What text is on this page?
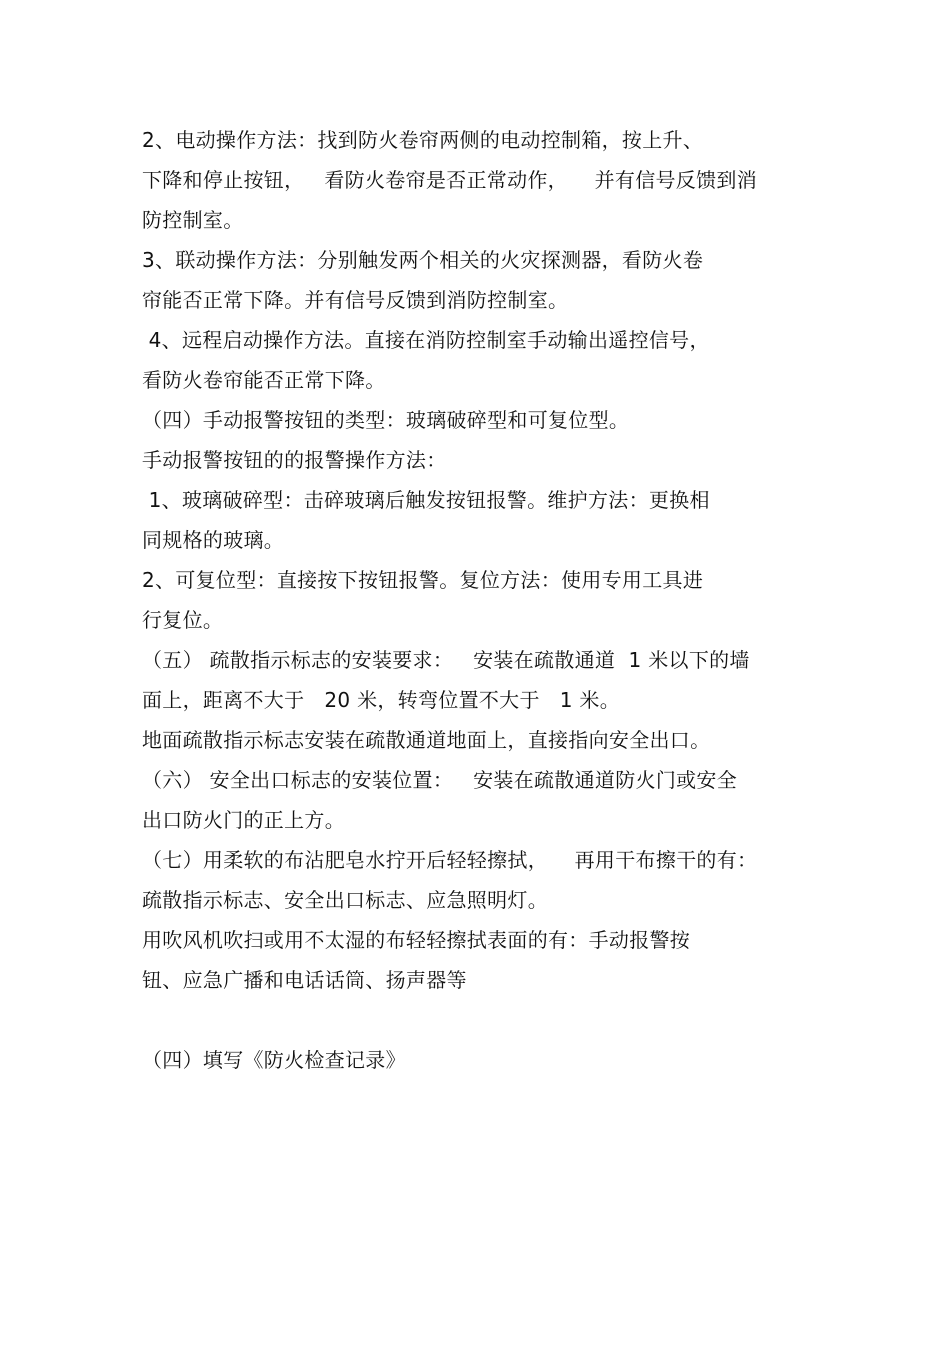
2、电动操作方法：找到防火卷帘两侧的电动控制箱，按上升、
下降和停止按钮，   看防火卷帘是否正常动作，    并有信号反馈到消
防控制室。
3、联动操作方法：分别触发两个相关的火灾探测器，看防火卷
帘能否正常下降。并有信号反馈到消防控制室。
4、远程启动操作方法。直接在消防控制室手动输出遥控信号，
看防火卷帘能否正常下降。
（四）手动报警按钮的类型：玻璃破碎型和可复位型。
手动报警按钮的的报警操作方法：
1、玻璃破碎型：击碎玻璃后触发按钮报警。维护方法：更换相
同规格的玻璃。
2、可复位型：直接按下按钮报警。复位方法：使用专用工具进
行复位。
（五） 疏散指示标志的安装要求：   安装在疏散通道  1 米以下的墙
面上，距离不大于   20 米，转弯位置不大于   1 米。
地面疏散指示标志安装在疏散通道地面上，直接指向安全出口。
（六） 安全出口标志的安装位置：   安装在疏散通道防火门或安全
出口防火门的正上方。
（七）用柔软的布沾肥皂水拧开后轻轻擦拭，    再用干布擦干的有：
疏散指示标志、安全出口标志、应急照明灯。
用吹风机吹扫或用不太湿的布轻轻擦拭表面的有：手动报警按
钮、应急广播和电话话筒、扬声器等
（四）填写《防火检查记录》
